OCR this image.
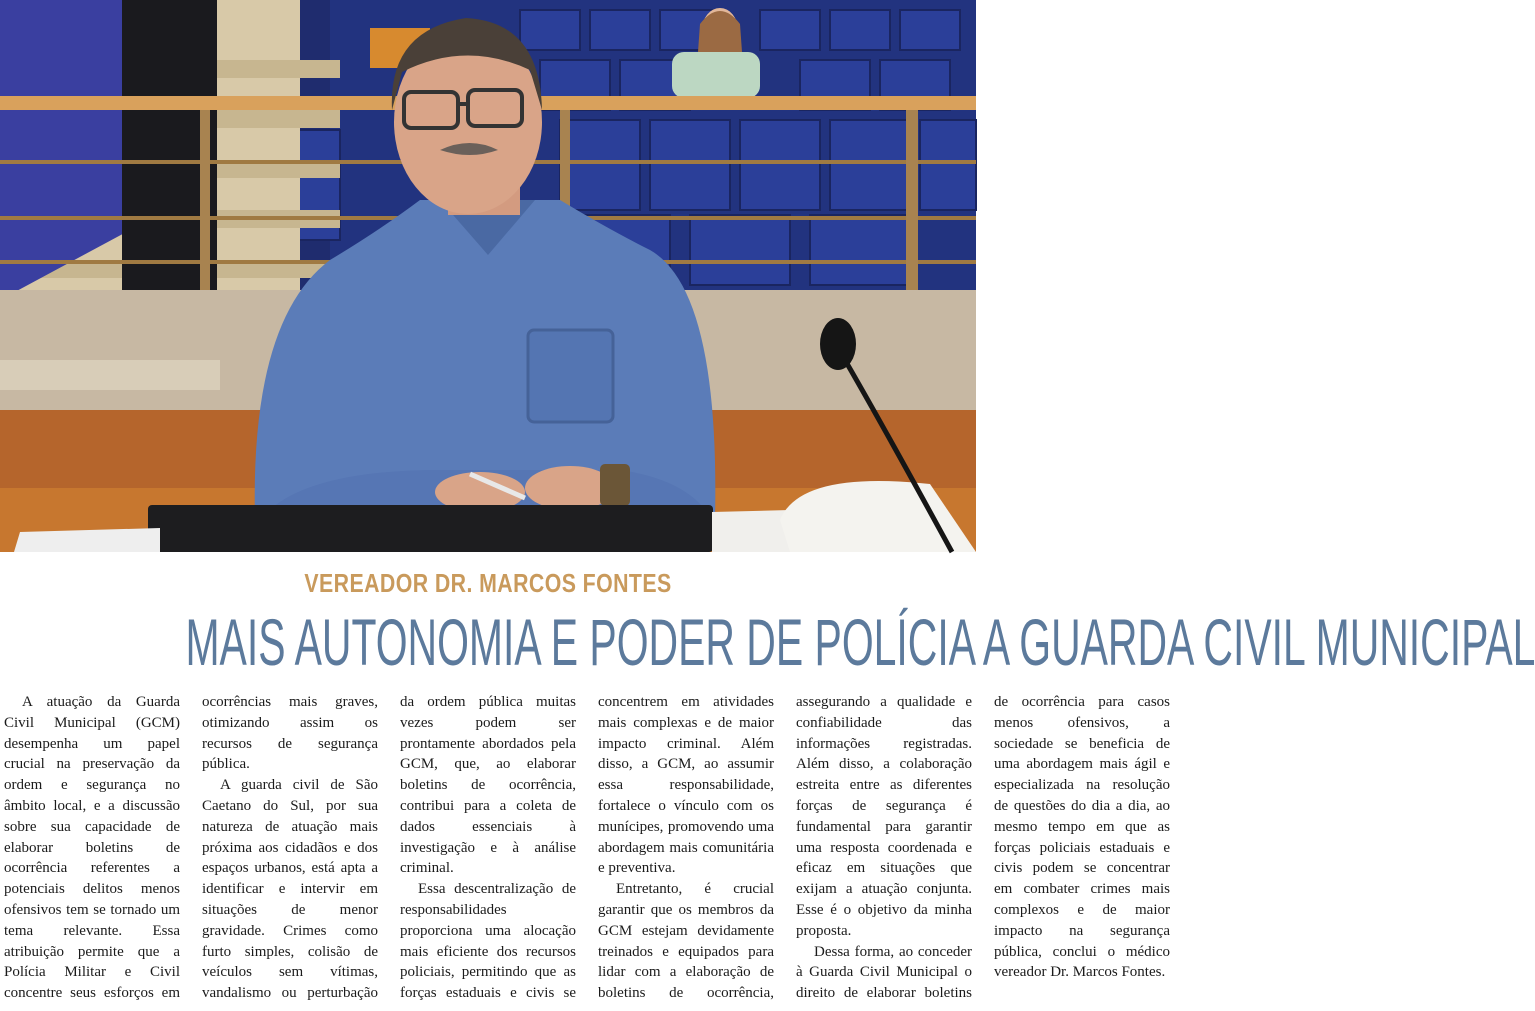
VEREADOR DR. MARCOS FONTES
MAIS AUTONOMIA E PODER DE POLÍCIA A GUARDA CIVIL MUNICIPAL

A atuação da Guarda Civil Municipal (GCM) desempenha um papel crucial na preservação da ordem e segurança no âmbito local, e a discussão sobre sua capacidade de elaborar boletins de ocorrência referentes a potenciais delitos menos ofensivos tem se tornado um tema relevante. Essa atribuição permite que a Polícia Militar e Civil concentre seus esforços em ocorrências mais graves, otimizando assim os recursos de segurança pública.

A guarda civil de São Caetano do Sul, por sua natureza de atuação mais próxima aos cidadãos e dos espaços urbanos, está apta a identificar e intervir em situações de menor gravidade. Crimes como furto simples, colisão de veículos sem vítimas, vandalismo ou perturbação da ordem pública muitas vezes podem ser prontamente abordados pela GCM, que, ao elaborar boletins de ocorrência, contribui para a coleta de dados essenciais à investigação e à análise criminal.

Essa descentralização de responsabilidades proporciona uma alocação mais eficiente dos recursos policiais, permitindo que as forças estaduais e civis se concentrem em atividades mais complexas e de maior impacto criminal. Além disso, a GCM, ao assumir essa responsabilidade, fortalece o vínculo com os munícipes, promovendo uma abordagem mais comunitária e preventiva.

Entretanto, é crucial garantir que os membros da GCM estejam devidamente treinados e equipados para lidar com a elaboração de boletins de ocorrência, assegurando a qualidade e confiabilidade das informações registradas. Além disso, a colaboração estreita entre as diferentes forças de segurança é fundamental para garantir uma resposta coordenada e eficaz em situações que exijam a atuação conjunta. Esse é o objetivo da minha proposta.

Dessa forma, ao conceder à Guarda Civil Municipal o direito de elaborar boletins de ocorrência para casos menos ofensivos, a sociedade se beneficia de uma abordagem mais ágil e especializada na resolução de questões do dia a dia, ao mesmo tempo em que as forças policiais estaduais e civis podem se concentrar em combater crimes mais complexos e de maior impacto na segurança pública, conclui o médico vereador Dr. Marcos Fontes.
